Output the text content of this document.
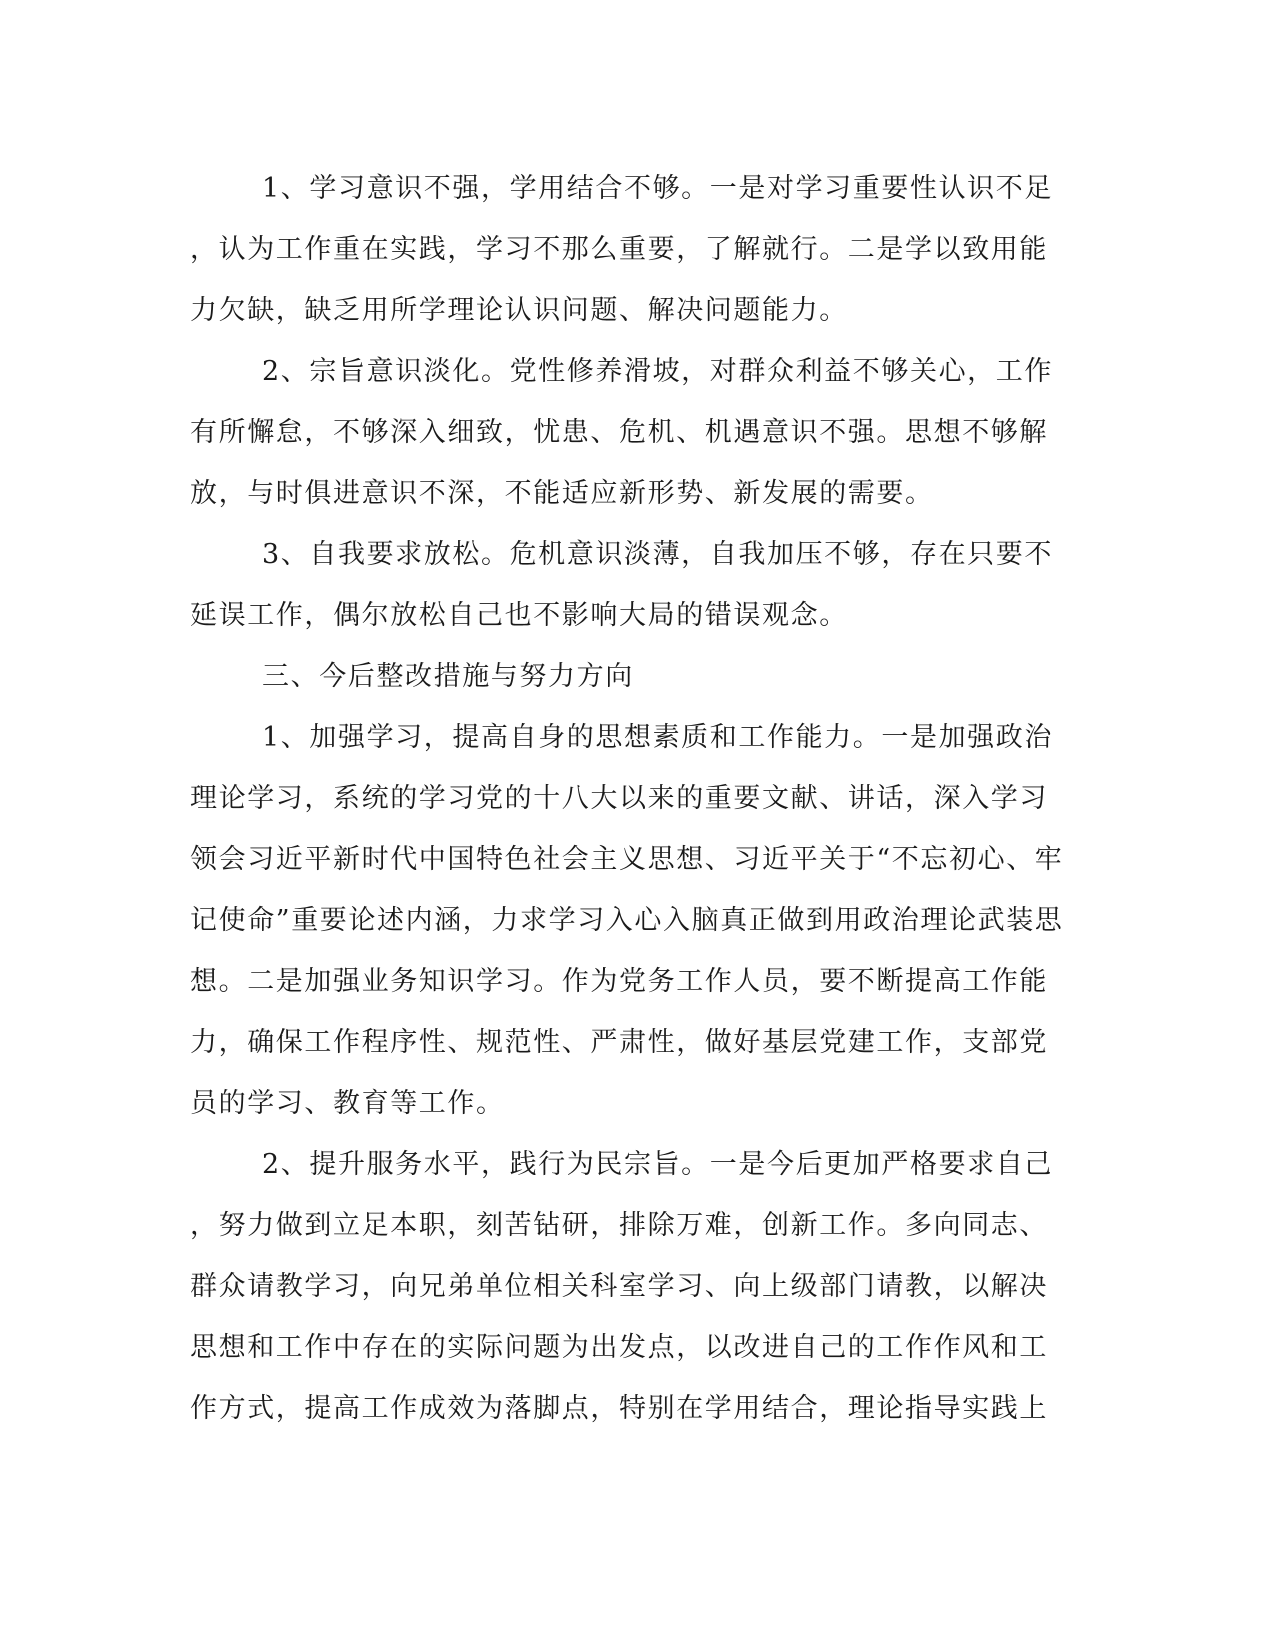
1、学习意识不强，学用结合不够。一是对学习重要性认识不足
，认为工作重在实践，学习不那么重要，了解就行。二是学以致用能
力欠缺，缺乏用所学理论认识问题、解决问题能力。
2、宗旨意识淡化。党性修养滑坡，对群众利益不够关心，工作
有所懈怠，不够深入细致，忧患、危机、机遇意识不强。思想不够解
放，与时俱进意识不深，不能适应新形势、新发展的需要。
3、自我要求放松。危机意识淡薄，自我加压不够，存在只要不
延误工作，偶尔放松自己也不影响大局的错误观念。
三、今后整改措施与努力方向
1、加强学习，提高自身的思想素质和工作能力。一是加强政治
理论学习，系统的学习党的十八大以来的重要文献、讲话，深入学习
领会习近平新时代中国特色社会主义思想、习近平关于“不忘初心、牢
记使命”重要论述内涵，力求学习入心入脑真正做到用政治理论武装思
想。二是加强业务知识学习。作为党务工作人员，要不断提高工作能
力，确保工作程序性、规范性、严肃性，做好基层党建工作，支部党
员的学习、教育等工作。
2、提升服务水平，践行为民宗旨。一是今后更加严格要求自己
，努力做到立足本职，刻苦钻研，排除万难，创新工作。多向同志、
群众请教学习，向兄弟单位相关科室学习、向上级部门请教，以解决
思想和工作中存在的实际问题为出发点，以改进自己的工作作风和工
作方式，提高工作成效为落脚点，特别在学用结合，理论指导实践上
